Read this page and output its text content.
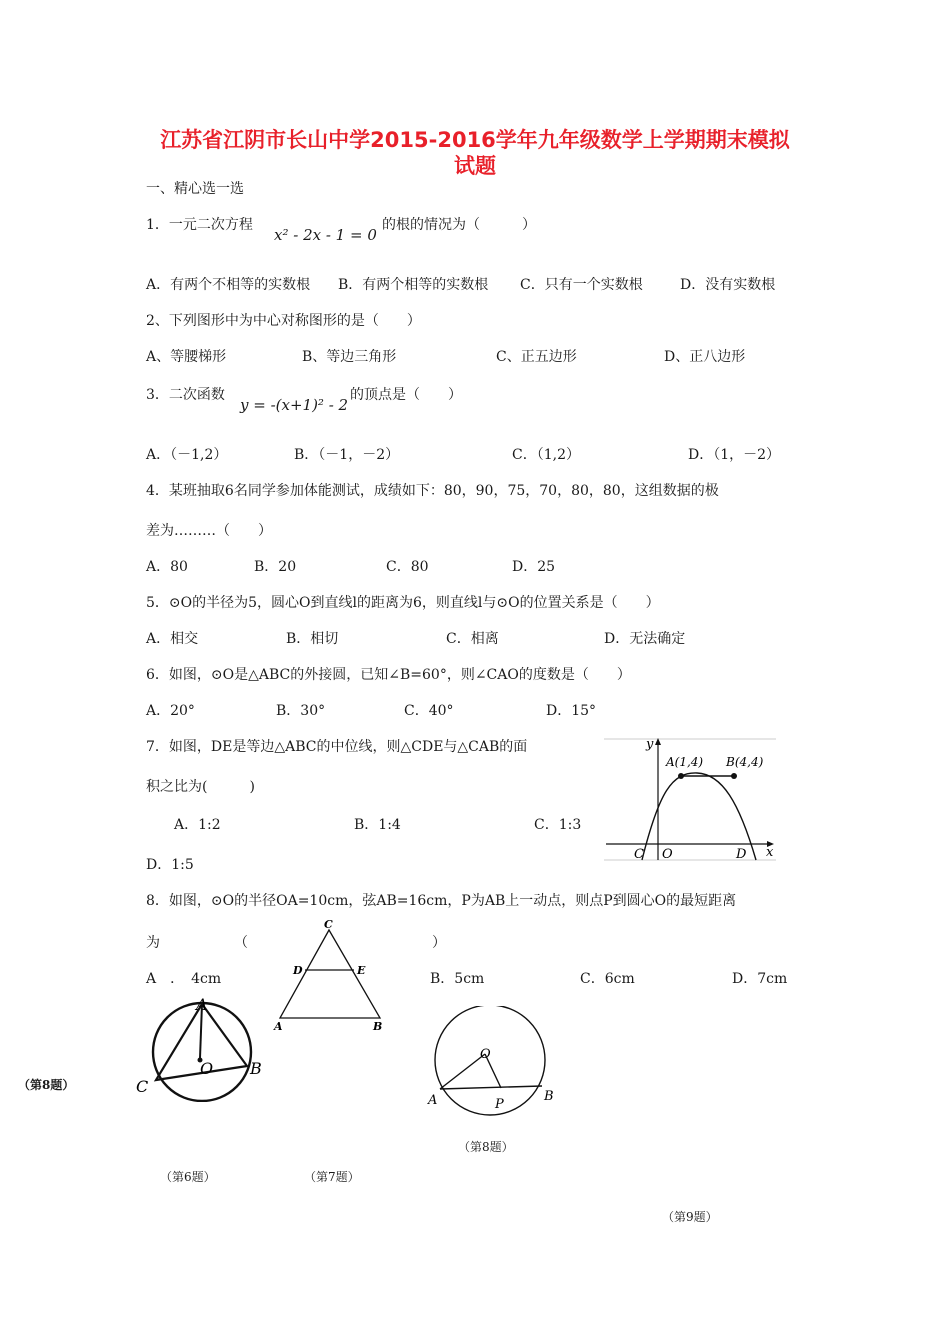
江苏省江阴市长山中学2015-2016学年九年级数学上学期期末模拟
试题
一、精心选一选
1．一元二次方程
x² - 2x - 1 = 0
的根的情况为（　　　）
A．有两个不相等的实数根 B．有两个相等的实数根 C．只有一个实数根	D．没有实数根
2、下列图形中为中心对称图形的是（　　）
A、等腰梯形	B、等边三角形	C、正五边形	D、正八边形
3．二次函数
y = -(x+1)² - 2
的顶点是（　　）
A．（－1,2）	B．（－1，－2）	C．（1,2）	D．（1，－2）
4．某班抽取6名同学参加体能测试，成绩如下：80，90，75，70，80，80，这组数据的极
差为………（　　）
A．80	B．20	C．80	D．25
5．⊙O的半径为5，圆心O到直线l的距离为6，则直线l与⊙O的位置关系是（　　）
A．相交	B．相切	C．相离	D．无法确定
6．如图，⊙O是△ABC的外接圆，已知∠B=60°，则∠CAO的度数是（　　）
A．20°	B．30°	C．40°	D．15°
7．如图，DE是等边△ABC的中位线，则△CDE与△CAB的面
积之比为(　　　)
A．1:2	B．1:4	C．1:3
D．1:5
y
x
A(1,4) B(4,4)
C O	D
8．如图，⊙O的半径OA=10cm，弦AB=16cm，P为AB上一动点，则点P到圆心O的最短距离
为	（	）
A　．　4cm	B．5cm	C．6cm	D．7cm
C
D	E
A	B
A
B
C
O
O
A	B
P
（第8题）
（第8题）
（第6题）	（第7题）
（第9题）
